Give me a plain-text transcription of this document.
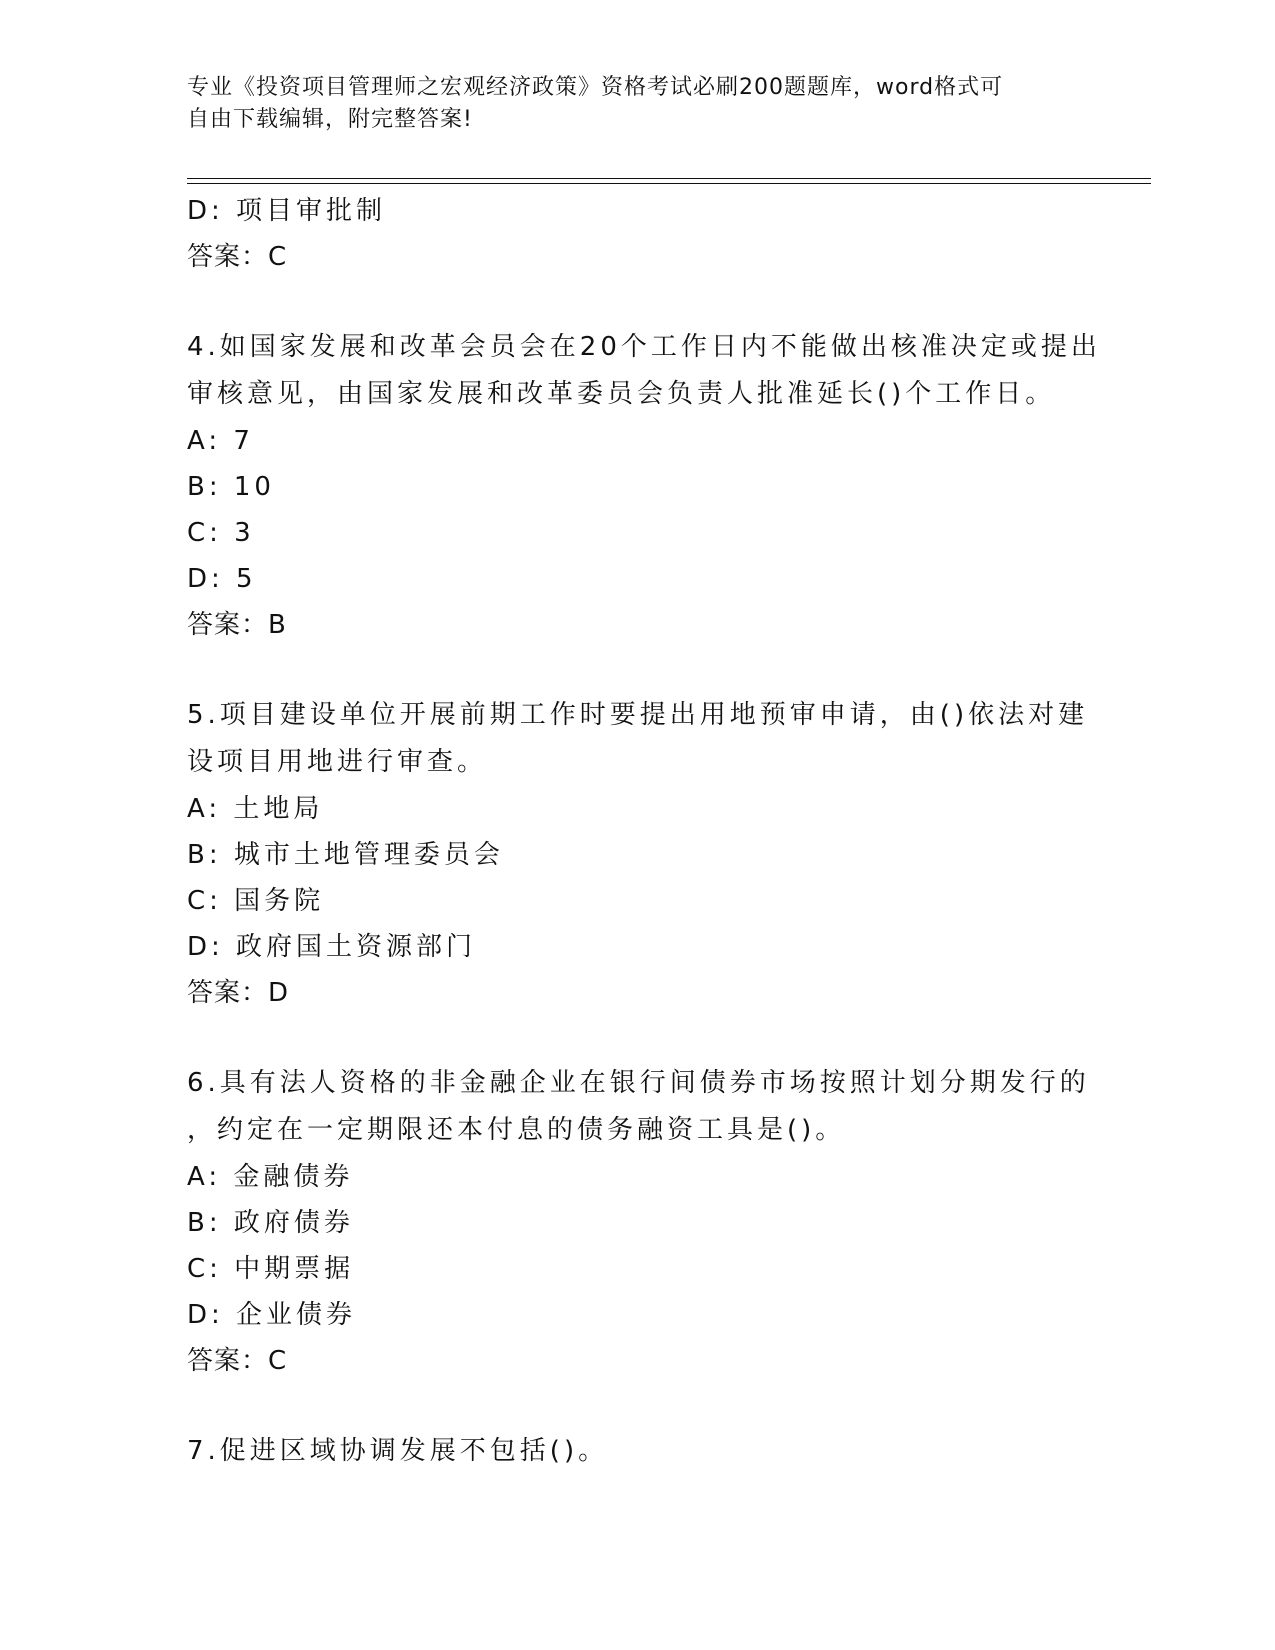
专业《投资项目管理师之宏观经济政策》资格考试必刷200题题库，word格式可
自由下载编辑，附完整答案!
D: 项目审批制
答案：C
4.如国家发展和改革会员会在20个工作日内不能做出核准决定或提出
审核意见，由国家发展和改革委员会负责人批准延长()个工作日。
A: 7
B: 10
C: 3
D: 5
答案：B
5.项目建设单位开展前期工作时要提出用地预审申请，由()依法对建
设项目用地进行审查。
A: 土地局
B: 城市土地管理委员会
C: 国务院
D: 政府国土资源部门
答案：D
6.具有法人资格的非金融企业在银行间债券市场按照计划分期发行的
，约定在一定期限还本付息的债务融资工具是()。
A: 金融债券
B: 政府债券
C: 中期票据
D: 企业债券
答案：C
7.促进区域协调发展不包括()。
